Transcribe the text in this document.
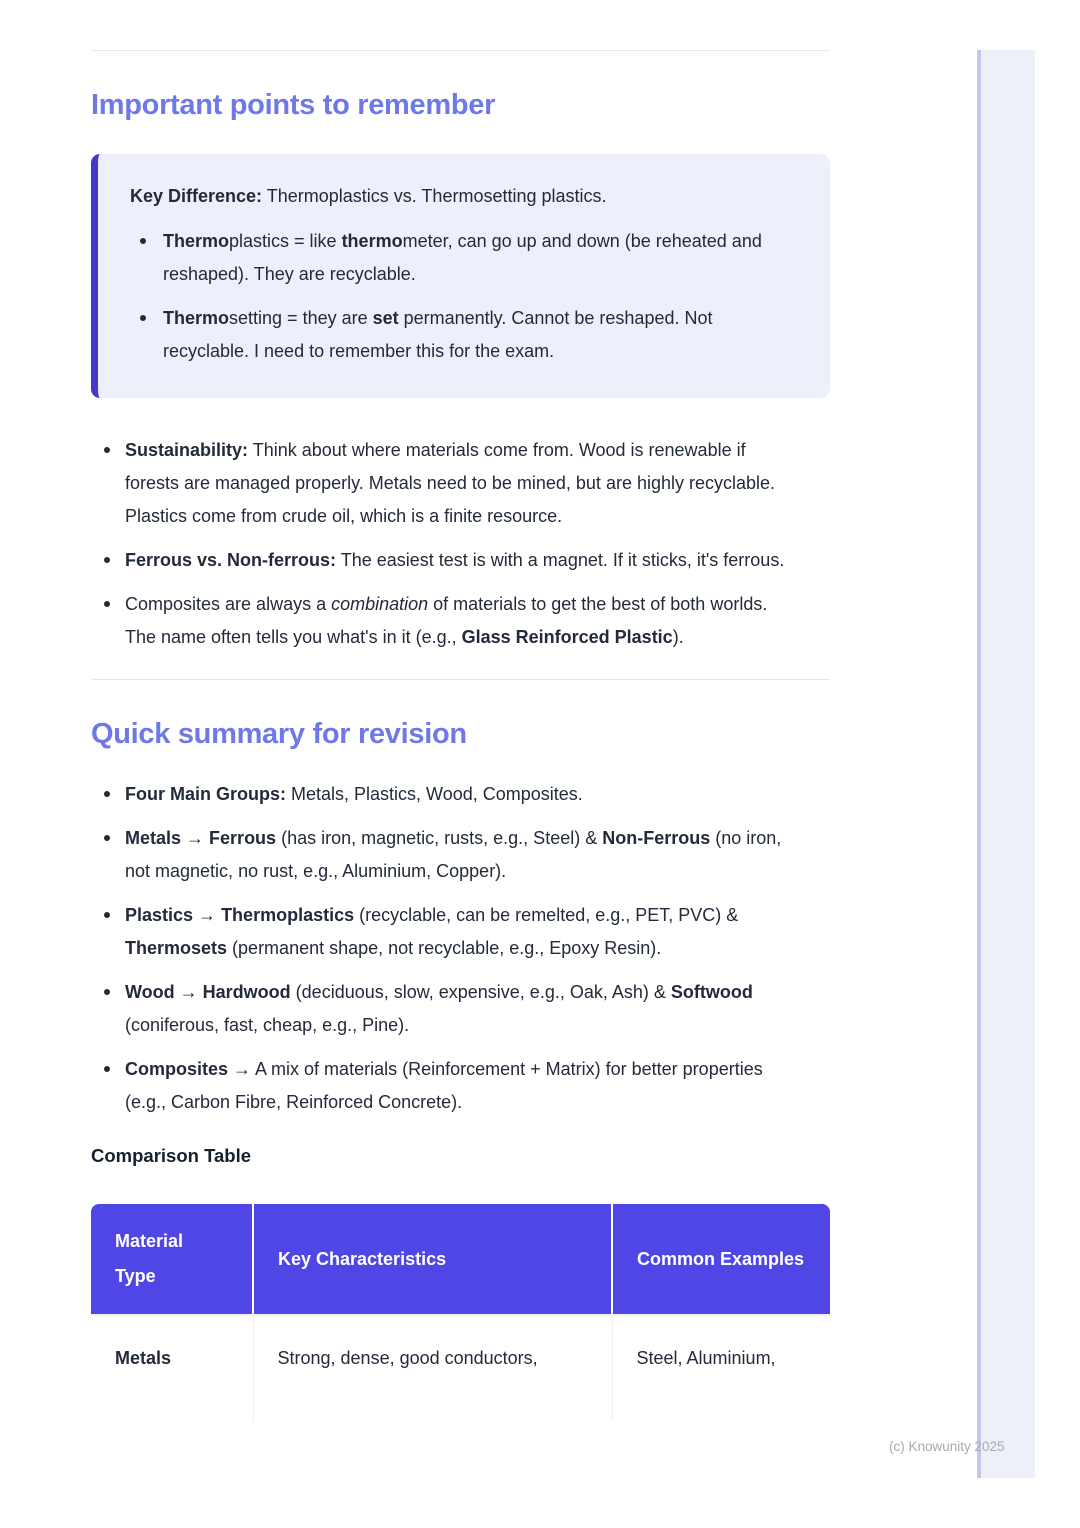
Important points to remember

Key Difference: Thermoplastics vs. Thermosetting plastics.

Thermoplastics = like thermometer, can go up and down (be reheated and reshaped). They are recyclable.
Thermosetting = they are set permanently. Cannot be reshaped. Not recyclable. I need to remember this for the exam.
Sustainability: Think about where materials come from. Wood is renewable if forests are managed properly. Metals need to be mined, but are highly recyclable. Plastics come from crude oil, which is a finite resource.
Ferrous vs. Non-ferrous: The easiest test is with a magnet. If it sticks, it's ferrous.
Composites are always a combination of materials to get the best of both worlds. The name often tells you what's in it (e.g., Glass Reinforced Plastic).
Quick summary for revision
Four Main Groups: Metals, Plastics, Wood, Composites.
Metals → Ferrous (has iron, magnetic, rusts, e.g., Steel) & Non-Ferrous (no iron, not magnetic, no rust, e.g., Aluminium, Copper).
Plastics → Thermoplastics (recyclable, can be remelted, e.g., PET, PVC) & Thermosets (permanent shape, not recyclable, e.g., Epoxy Resin).
Wood → Hardwood (deciduous, slow, expensive, e.g., Oak, Ash) & Softwood (coniferous, fast, cheap, e.g., Pine).
Composites → A mix of materials (Reinforcement + Matrix) for better properties (e.g., Carbon Fibre, Reinforced Concrete).

Comparison Table

Material Type	Key Characteristics	Common Examples
Metals	Strong, dense, good conductors,	Steel, Aluminium,
(c) Knowunity 2025
